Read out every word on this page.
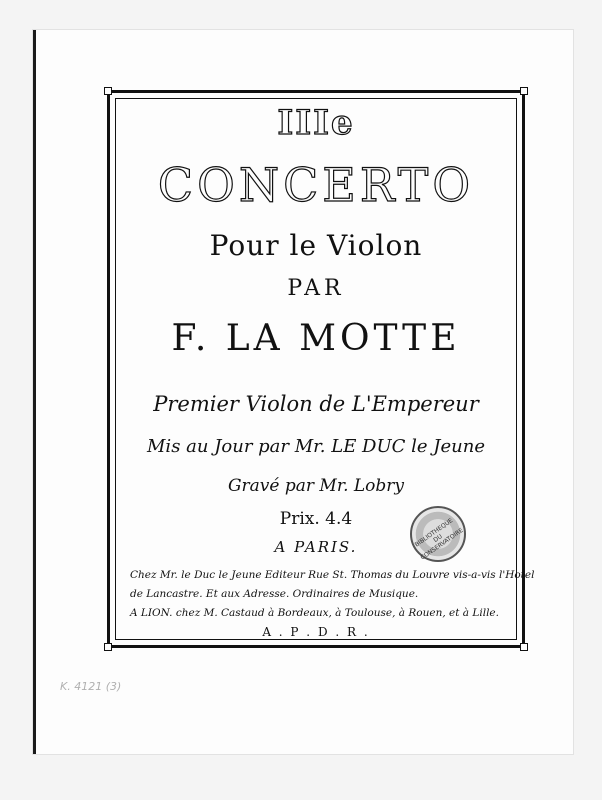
IIIe
CONCERTO
Pour le Violon
PAR
F. LA MOTTE
Premier Violon de L'Empereur
Mis au Jour par Mr. LE DUC le Jeune
Gravé par Mr. Lobry
Prix. 4.4
A PARIS.
Chez Mr. le Duc le Jeune Editeur Rue St. Thomas du Louvre vis-a-vis l'Hotel
de Lancastre. Et aux Adresse. Ordinaires de Musique.
A LION. chez M. Castaud à Bordeaux, à Toulouse, à Rouen, et à Lille.
A . P . D . R .
BIBLIOTHEQUE DU CONSERVATOIRE
K. 4121 (3)
